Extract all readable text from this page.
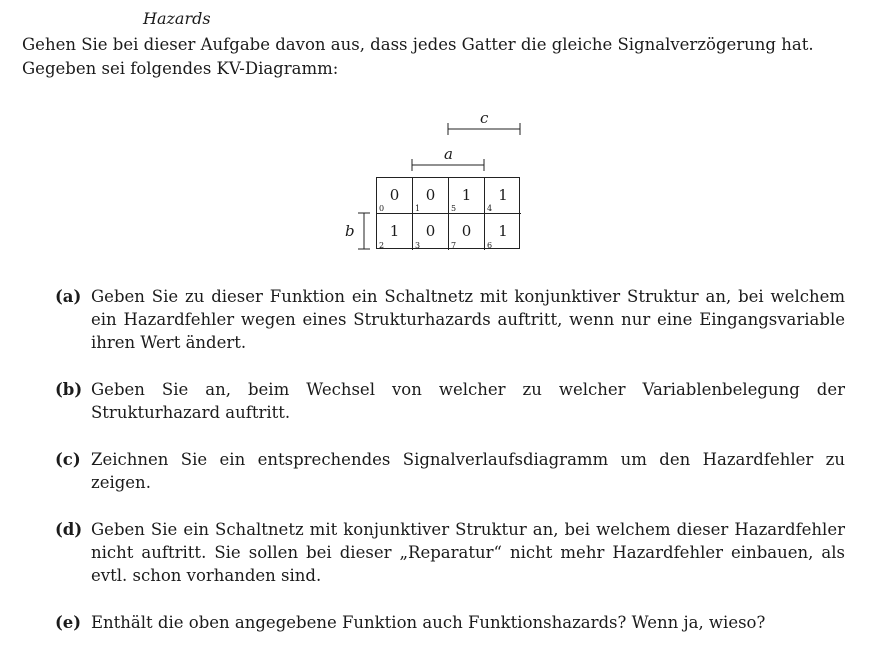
Hazards
Gehen Sie bei dieser Aufgabe davon aus, dass jedes Gatter die gleiche Signalverzögerung hat. Gegeben sei folgendes KV-Diagramm:
c
a
b
0
0
0
1
1
5
1
4
1
2
0
3
0
7
1
6
(a) Geben Sie zu dieser Funktion ein Schaltnetz mit konjunktiver Struktur an, bei welchem ein Hazardfehler wegen eines Strukturhazards auftritt, wenn nur eine Eingangsvariable ihren Wert ändert.
(b) Geben Sie an, beim Wechsel von welcher zu welcher Variablenbelegung der Strukturhazard auftritt.
(c) Zeichnen Sie ein entsprechendes Signalverlaufsdiagramm um den Hazardfehler zu zeigen.
(d) Geben Sie ein Schaltnetz mit konjunktiver Struktur an, bei welchem dieser Hazardfehler nicht auftritt. Sie sollen bei dieser „Reparatur“ nicht mehr Hazardfehler einbauen, als evtl. schon vorhanden sind.
(e) Enthält die oben angegebene Funktion auch Funktionshazards? Wenn ja, wieso?
